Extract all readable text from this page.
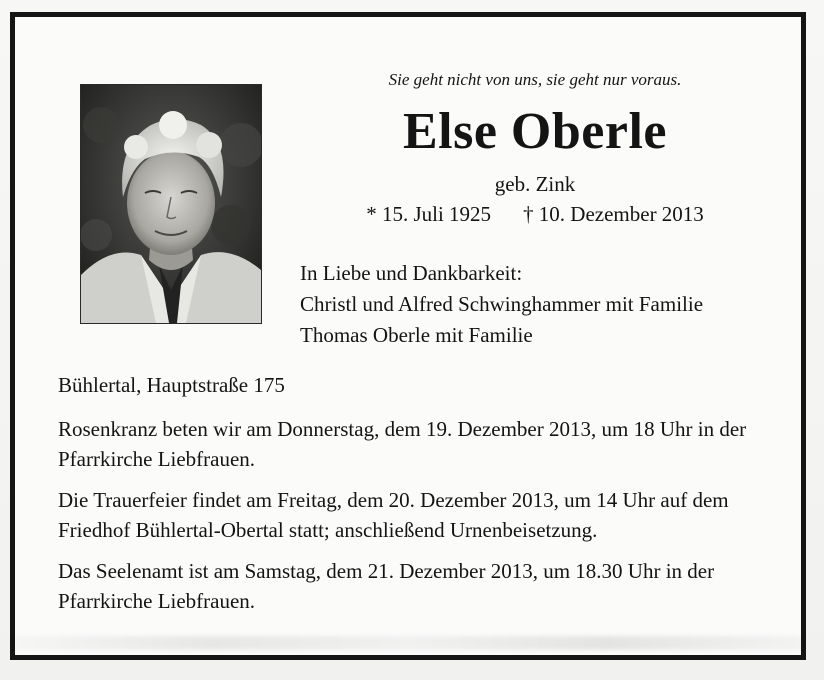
Sie geht nicht von uns, sie geht nur voraus.
Else Oberle
geb. Zink
* 15. Juli 1925 † 10. Dezember 2013
In Liebe und Dankbarkeit:
Christl und Alfred Schwinghammer mit Familie
Thomas Oberle mit Familie

Bühlertal, Hauptstraße 175

Rosenkranz beten wir am Donnerstag, dem 19. Dezember 2013, um 18 Uhr in der Pfarrkirche Liebfrauen.

Die Trauerfeier findet am Freitag, dem 20. Dezember 2013, um 14 Uhr auf dem Friedhof Bühlertal-Obertal statt; anschließend Urnenbeisetzung.

Das Seelenamt ist am Samstag, dem 21. Dezember 2013, um 18.30 Uhr in der Pfarrkirche Liebfrauen.
